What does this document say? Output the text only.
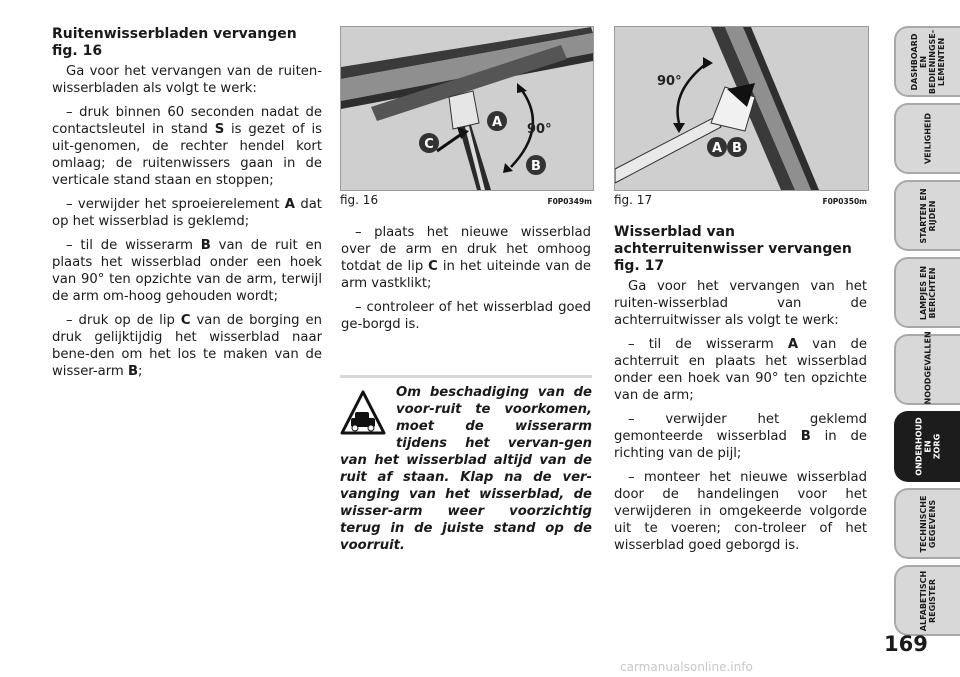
Ruitenwisserbladen vervangen
fig. 16

Ga voor het vervangen van de ruiten-wisserbladen als volgt te werk:

– druk binnen 60 seconden nadat de contactsleutel in stand S is gezet of is uit-genomen, de rechter hendel kort omlaag; de ruitenwissers gaan in de verticale stand staan en stoppen;

– verwijder het sproeierelement A dat op het wisserblad is geklemd;

– til de wisserarm B van de ruit en plaats het wisserblad onder een hoek van 90° ten opzichte van de arm, terwijl de arm om-hoog gehouden wordt;

– druk op de lip C van de borging en druk gelijktijdig het wisserblad naar bene-den om het los te maken van de wisser-arm B;

A
B
C
90°
fig. 16	F0P0349m
A B
90°
fig. 17	F0P0350m

– plaats het nieuwe wisserblad over de arm en druk het omhoog totdat de lip C in het uiteinde van de arm vastklikt;

– controleer of het wisserblad goed ge-borgd is.

Om beschadiging van de voor-ruit te voorkomen, moet de wisserarm tijdens het vervan-gen van het wisserblad altijd van de ruit af staan. Klap na de ver-vanging van het wisserblad, de wisser-arm weer voorzichtig terug in de juiste stand op de voorruit.

Wisserblad van achterruitenwisser vervangen fig. 17

Ga voor het vervangen van het ruiten-wisserblad van de achterruitwisser als volgt te werk:

– til de wisserarm A van de achterruit en plaats het wisserblad onder een hoek van 90° ten opzichte van de arm;

– verwijder het geklemd gemonteerde wisserblad B in de richting van de pijl;

– monteer het nieuwe wisserblad door de handelingen voor het verwijderen in omgekeerde volgorde uit te voeren; con-troleer of het wisserblad goed geborgd is.

DASHBOARD EN
BEDIENINGSE-
LEMENTEN
VEILIGHEID
STARTEN EN
RIJDEN
LAMPJES EN
BERICHTEN
NOODGEVALLEN
ONDERHOUD EN
ZORG
TECHNISCHE
GEGEVENS
ALFABETISCH
REGISTER
169
carmanualsonline.info
